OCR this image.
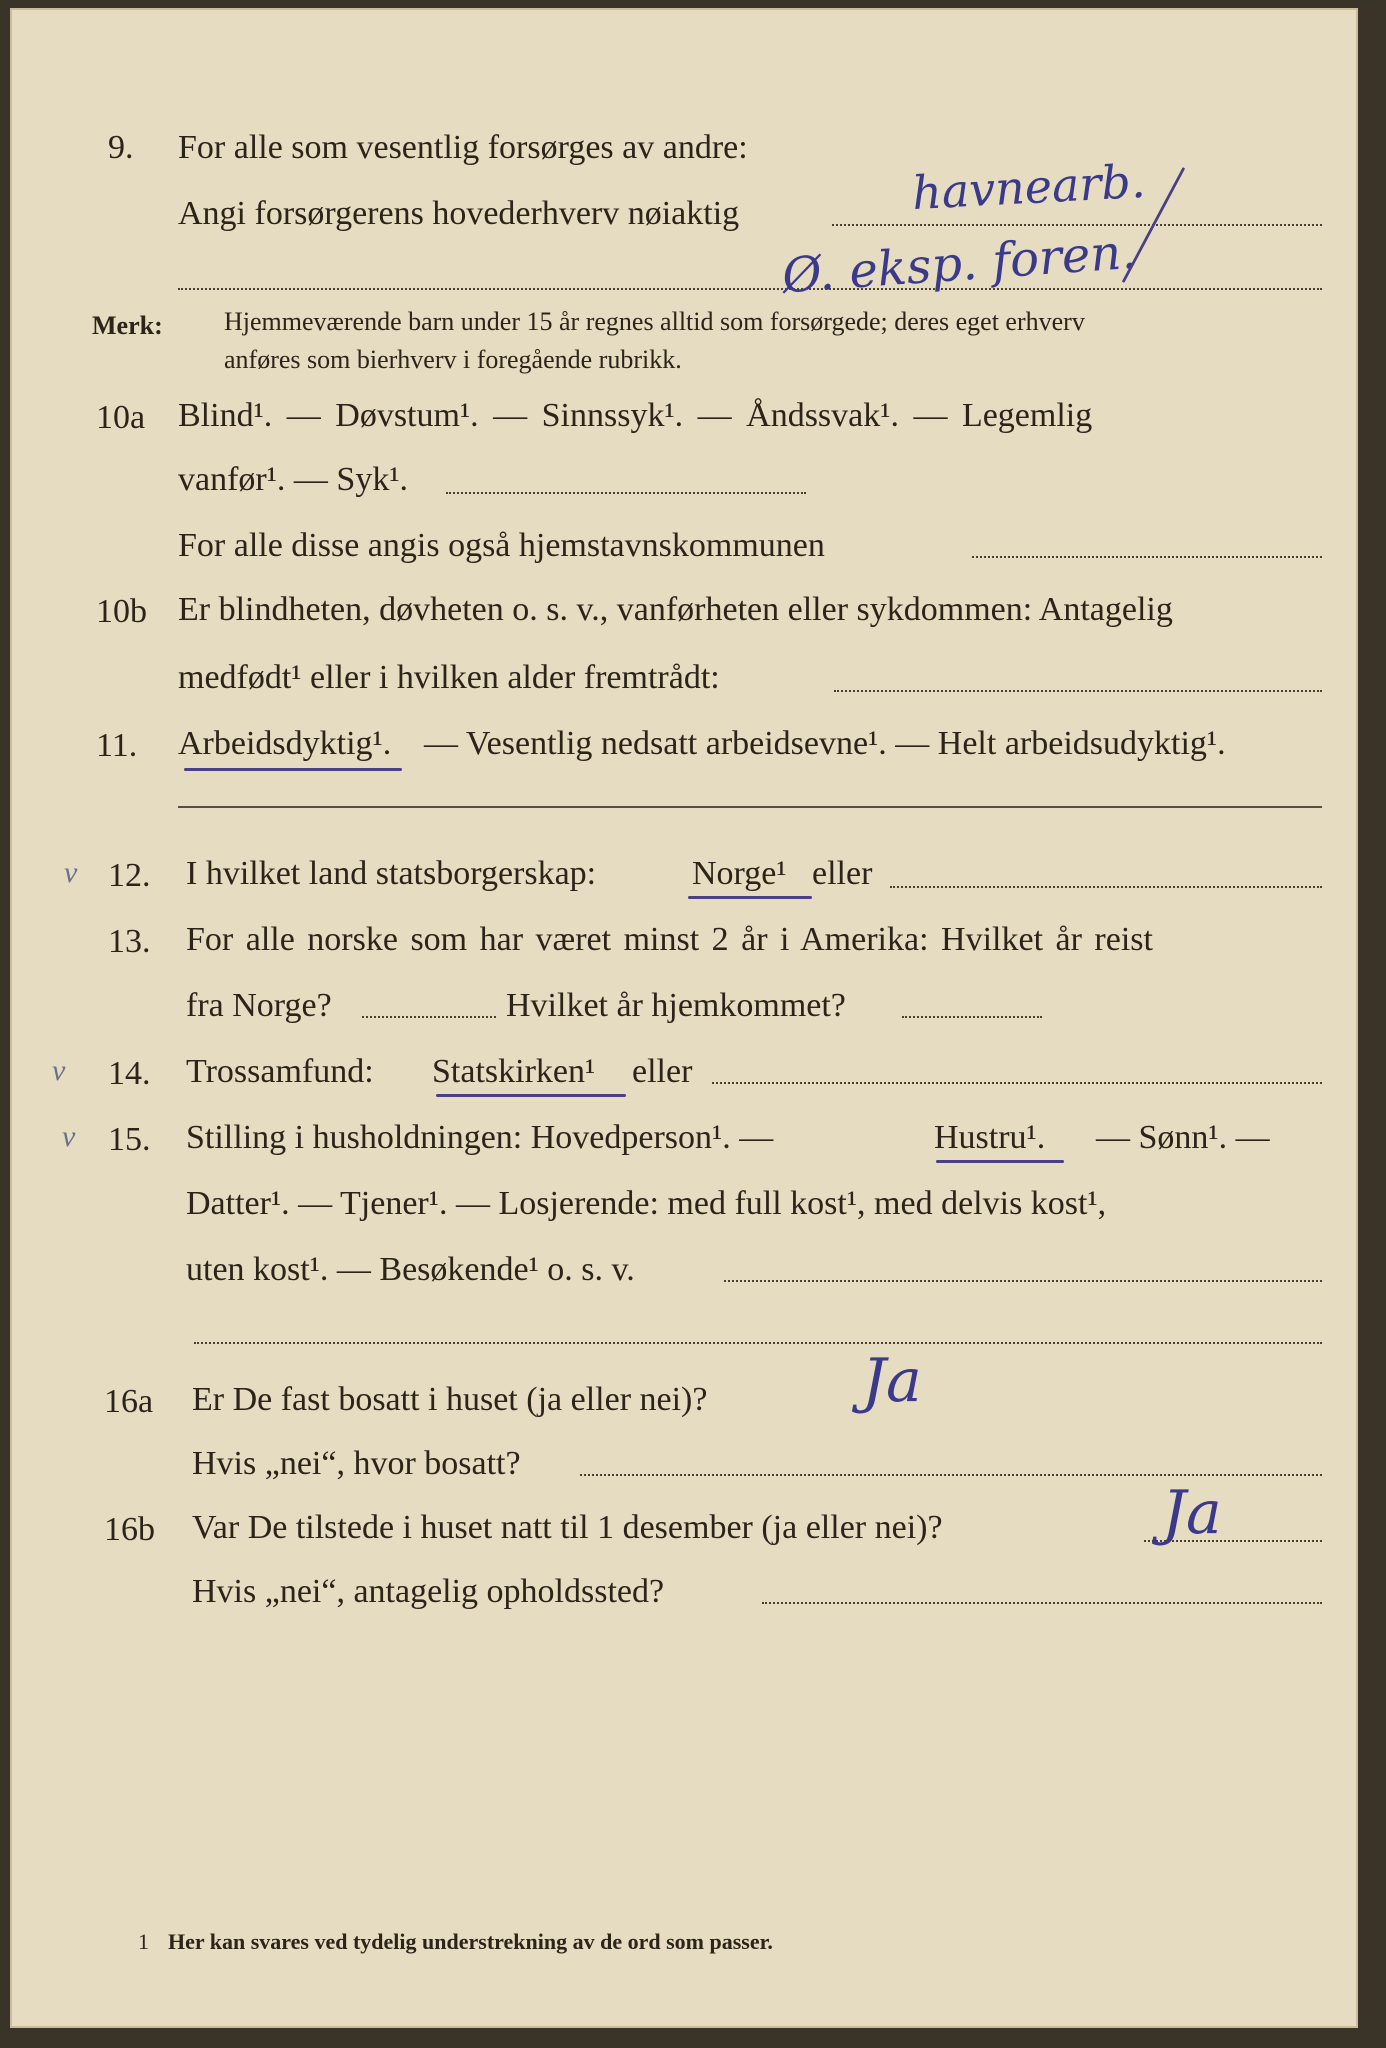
9. For alle som vesentlig forsørges av andre:
Angi forsørgerens hovederhverv nøiaktig	havnearb.
Ø. eksp. foren.
Merk: Hjemmeværende barn under 15 år regnes alltid som forsørgede; deres eget erhverv
anføres som bierhverv i foregående rubrikk.
10a Blind¹. — Døvstum¹. — Sinnssyk¹. — Åndssvak¹. — Legemlig
vanfør¹. — Syk¹.
For alle disse angis også hjemstavnskommunen
10b Er blindheten, døvheten o. s. v., vanførheten eller sykdommen: Antagelig
medfødt¹ eller i hvilken alder fremtrådt:
11. Arbeidsdyktig¹. — Vesentlig nedsatt arbeidsevne¹. — Helt arbeidsudyktig¹.
v 12. I hvilket land statsborgerskap:	Norge¹ eller
13. For alle norske som har været minst 2 år i Amerika: Hvilket år reist
fra Norge?	Hvilket år hjemkommet?
v 14. Trossamfund: Statskirken¹ eller
v 15. Stilling i husholdningen: Hovedperson¹. —	Hustru¹. — Sønn¹. —
Datter¹. — Tjener¹. — Losjerende: med full kost¹, med delvis kost¹,
uten kost¹. — Besøkende¹ o. s. v.
16a Er De fast bosatt i huset (ja eller nei)?	Ja
Hvis „nei“, hvor bosatt?
16b Var De tilstede i huset natt til 1 desember (ja eller nei)?	Ja
Hvis „nei“, antagelig opholdssted?
1 Her kan svares ved tydelig understrekning av de ord som passer.
